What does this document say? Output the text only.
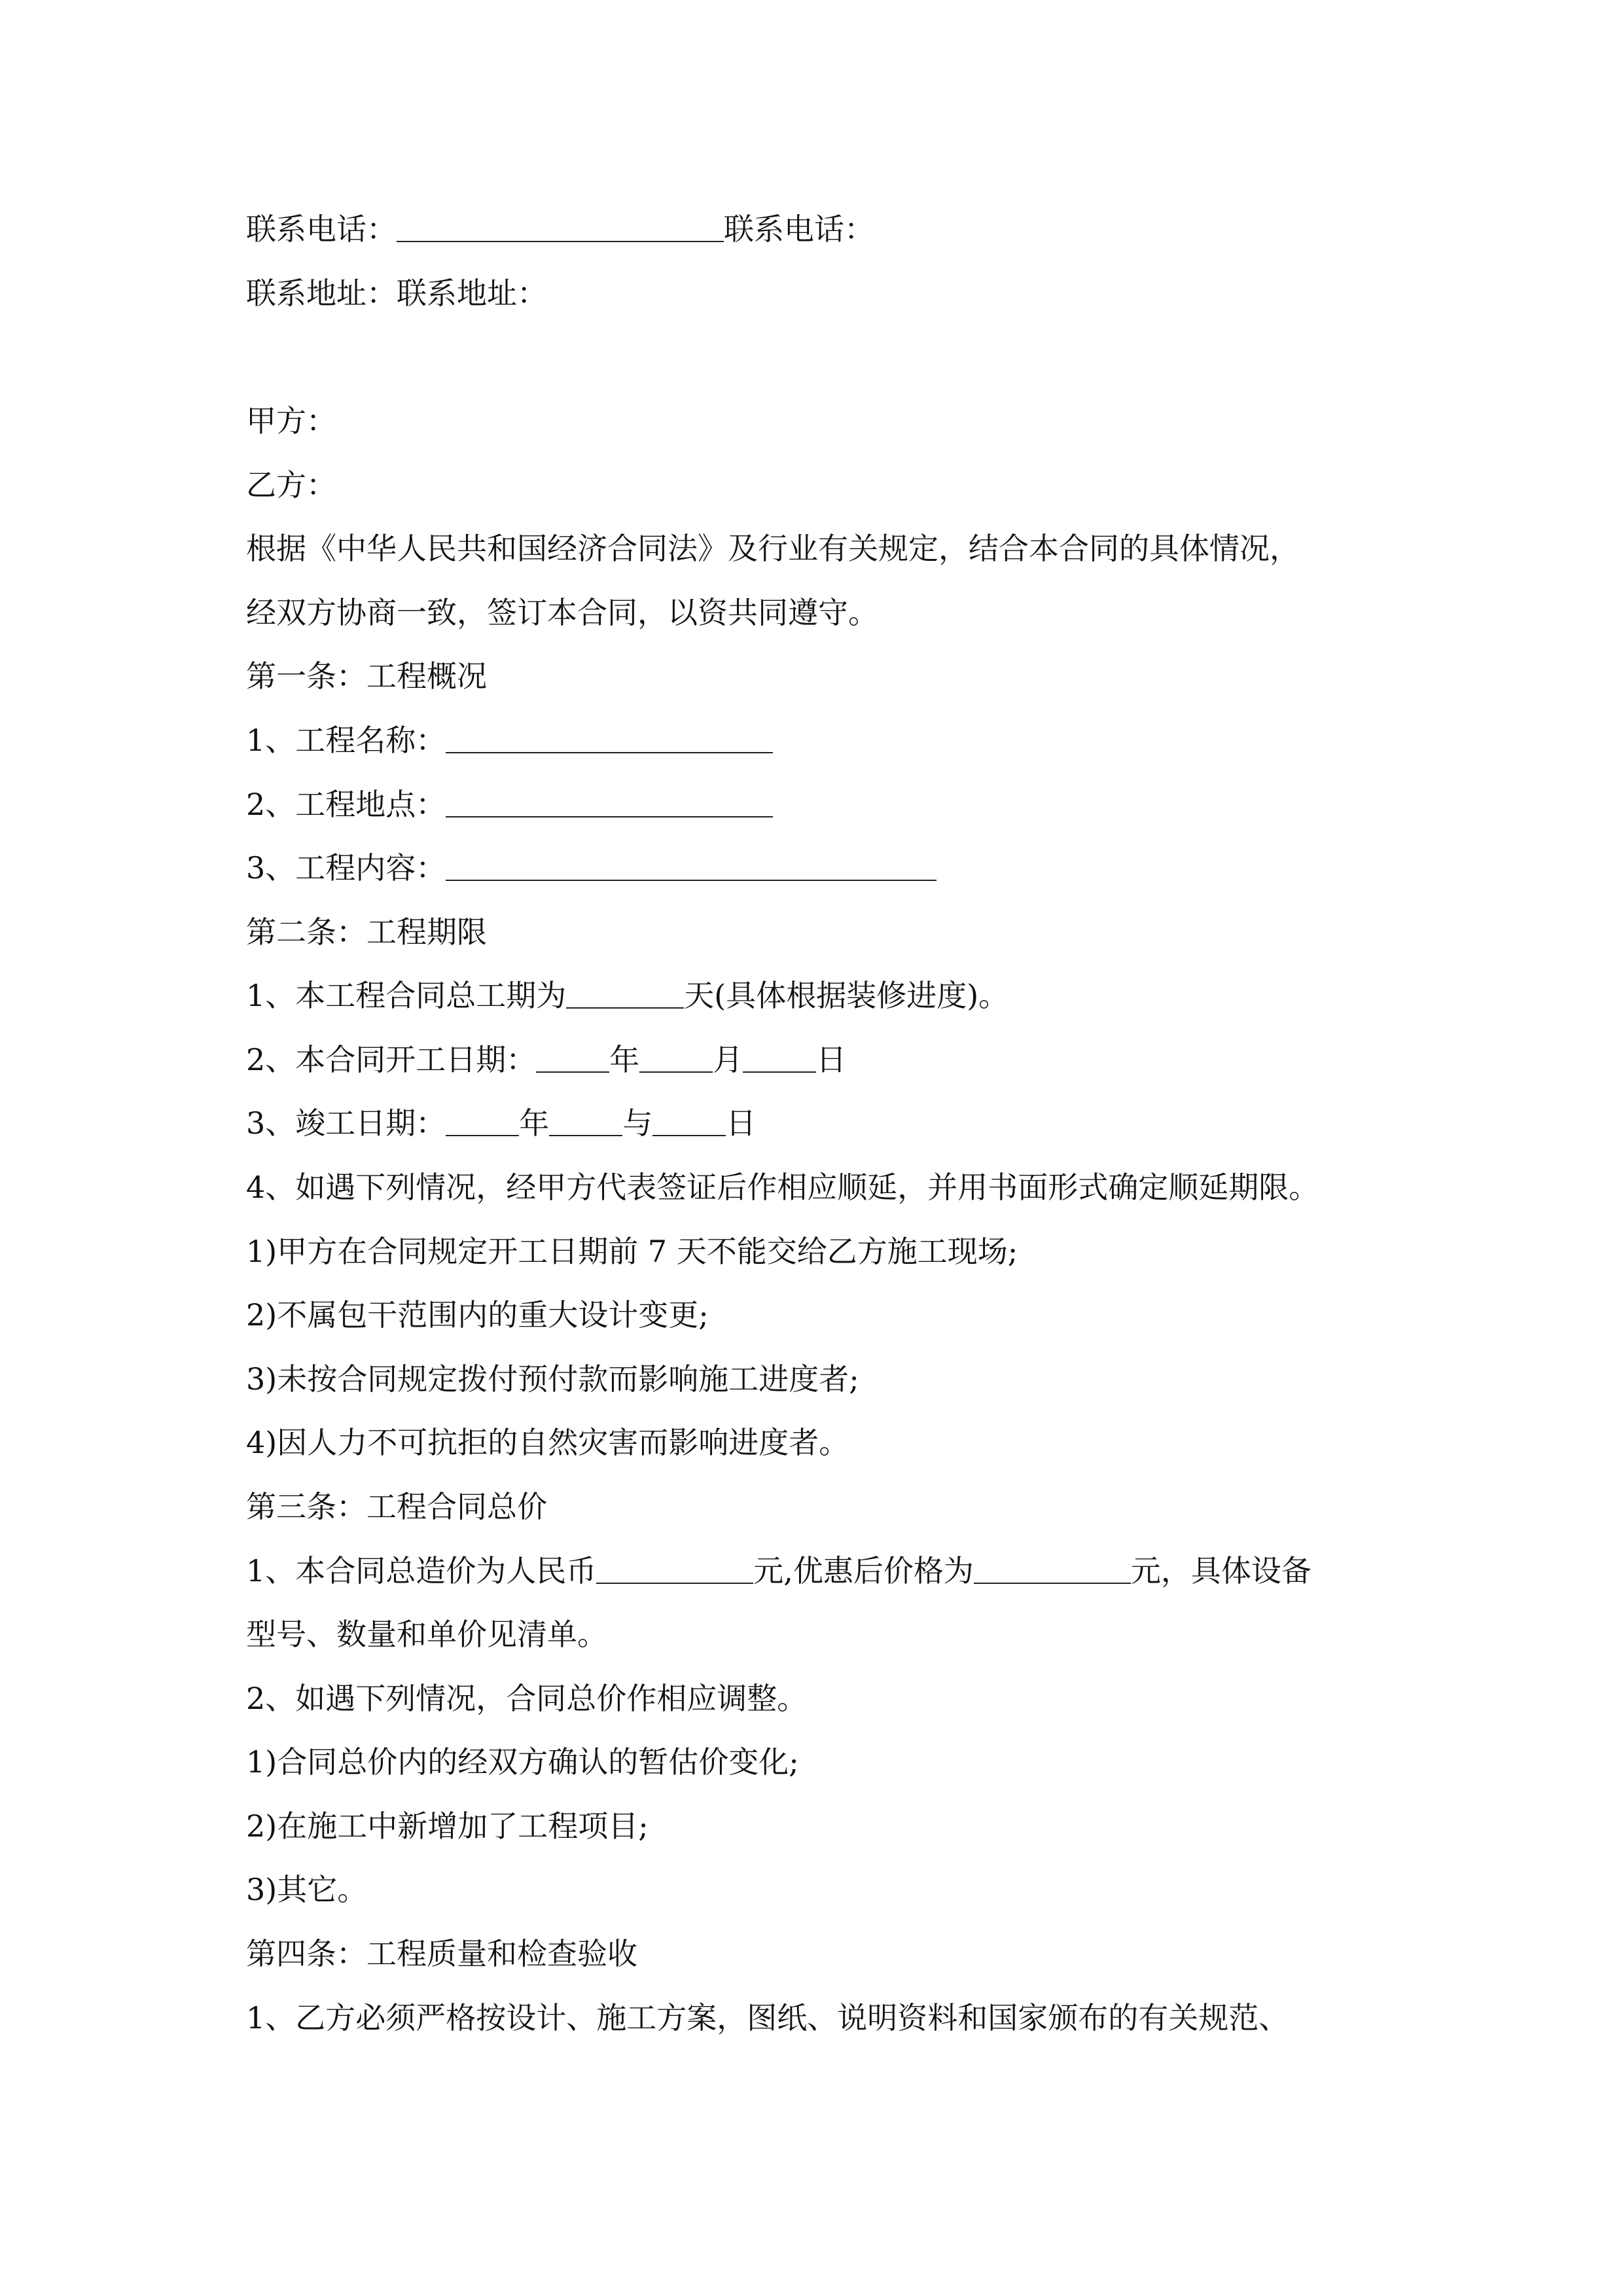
联系电话：	联系电话：
联系地址：联系地址：
甲方：
乙方：
根据《中华人民共和国经济合同法》及行业有关规定，结合本合同的具体情况，
经双方协商一致，签订本合同，以资共同遵守。
第一条：工程概况
1、工程名称：
2、工程地点：
3、工程内容：
第二条：工程期限
1、本工程合同总工期为	天(具体根据装修进度)。
2、本合同开工日期： 年 月 日
3、竣工日期： 年 与 日
4、如遇下列情况，经甲方代表签证后作相应顺延，并用书面形式确定顺延期限。
1)甲方在合同规定开工日期前 7 天不能交给乙方施工现场;
2)不属包干范围内的重大设计变更;
3)未按合同规定拨付预付款而影响施工进度者;
4)因人力不可抗拒的自然灾害而影响进度者。
第三条：工程合同总价
1、本合同总造价为人民币	元,优惠后价格为	元，具体设备
型号、数量和单价见清单。
2、如遇下列情况，合同总价作相应调整。
1)合同总价内的经双方确认的暂估价变化;
2)在施工中新增加了工程项目;
3)其它。
第四条：工程质量和检查验收
1、乙方必须严格按设计、施工方案，图纸、说明资料和国家颁布的有关规范、
